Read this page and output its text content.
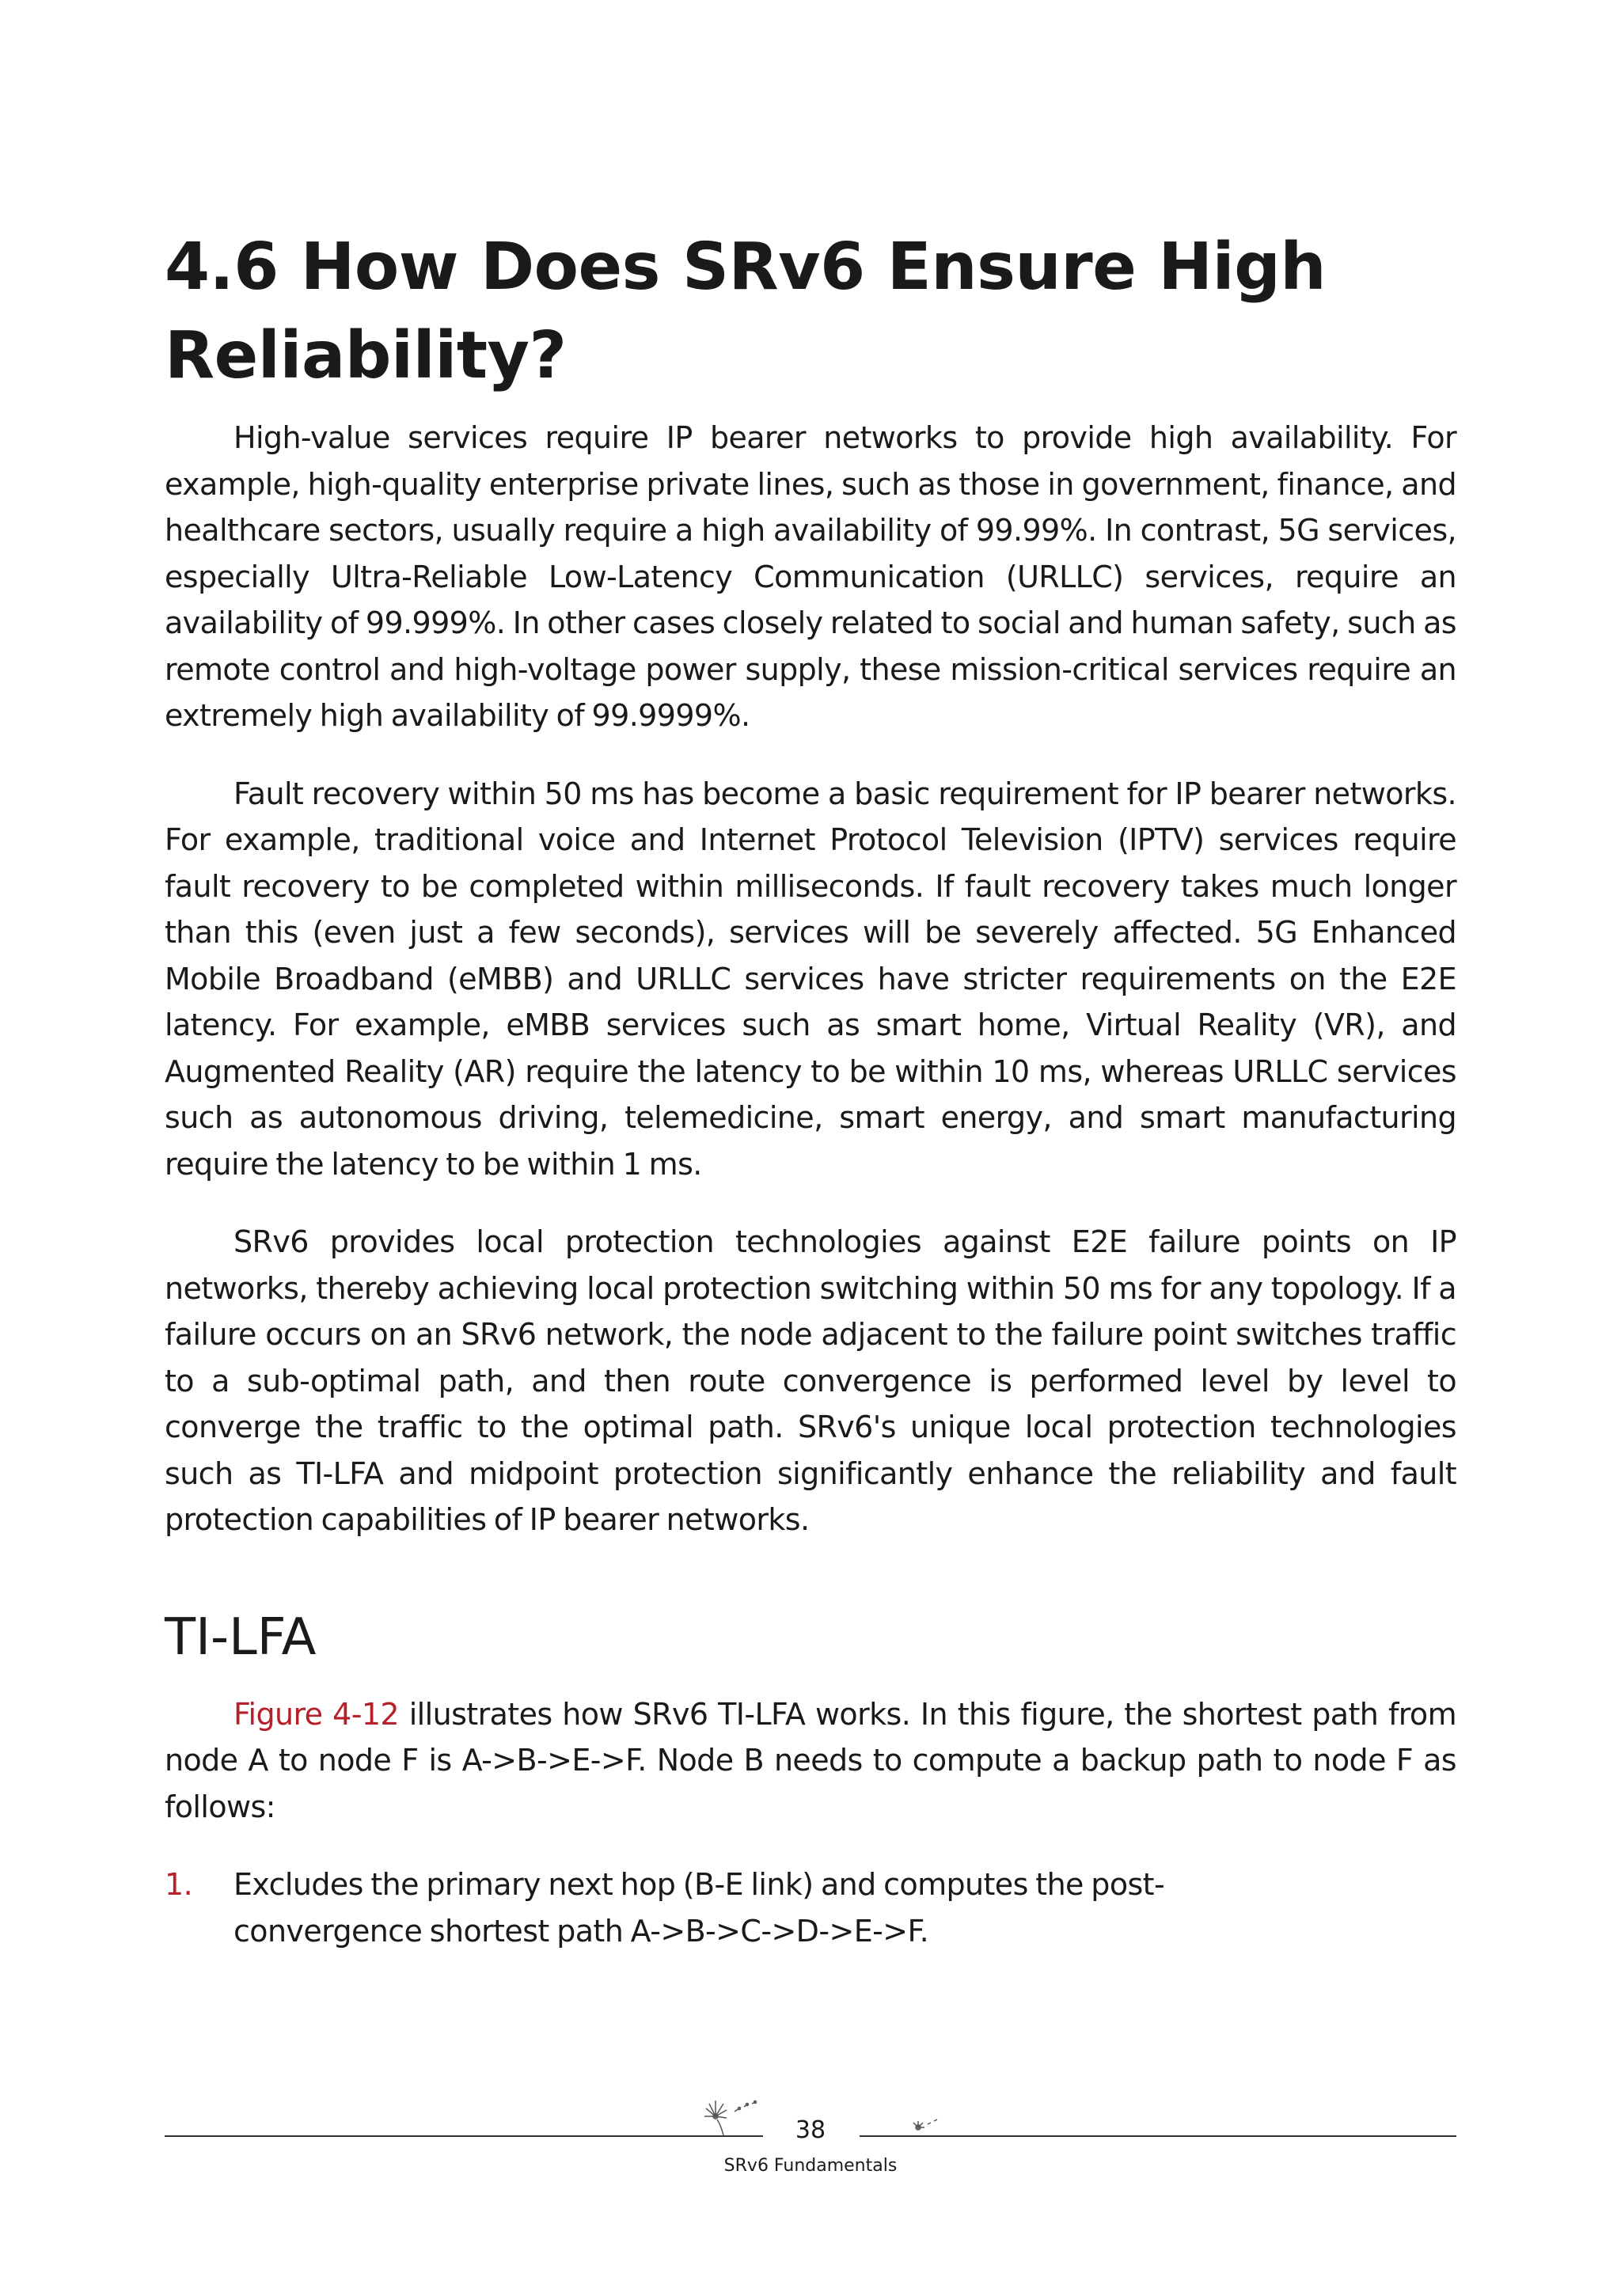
4.6 How Does SRv6 Ensure High Reliability?

High-value services require IP bearer networks to provide high availability. For example, high-quality enterprise private lines, such as those in government, finance, and healthcare sectors, usually require a high availability of 99.99%. In contrast, 5G services, especially Ultra-Reliable Low-Latency Communication (URLLC) services, require an availability of 99.999%. In other cases closely related to social and human safety, such as remote control and high-voltage power supply, these mission-critical services require an extremely high availability of 99.9999%.

Fault recovery within 50 ms has become a basic requirement for IP bearer networks. For example, traditional voice and Internet Protocol Television (IPTV) services require fault recovery to be completed within milliseconds. If fault recovery takes much longer than this (even just a few seconds), services will be severely affected. 5G Enhanced Mobile Broadband (eMBB) and URLLC services have stricter requirements on the E2E latency. For example, eMBB services such as smart home, Virtual Reality (VR), and Augmented Reality (AR) require the latency to be within 10 ms, whereas URLLC services such as autonomous driving, telemedicine, smart energy, and smart manufacturing require the latency to be within 1 ms.

SRv6 provides local protection technologies against E2E failure points on IP networks, thereby achieving local protection switching within 50 ms for any topology. If a failure occurs on an SRv6 network, the node adjacent to the failure point switches traffic to a sub-optimal path, and then route convergence is performed level by level to converge the traffic to the optimal path. SRv6's unique local protection technologies such as TI-LFA and midpoint protection significantly enhance the reliability and fault protection capabilities of IP bearer networks.

TI-LFA

Figure 4-12 illustrates how SRv6 TI-LFA works. In this figure, the shortest path from node A to node F is A->B->E->F. Node B needs to compute a backup path to node F as follows:

1.	Excludes the primary next hop (B-E link) and computes the post-convergence shortest path A->B->C->D->E->F.
38
SRv6 Fundamentals
